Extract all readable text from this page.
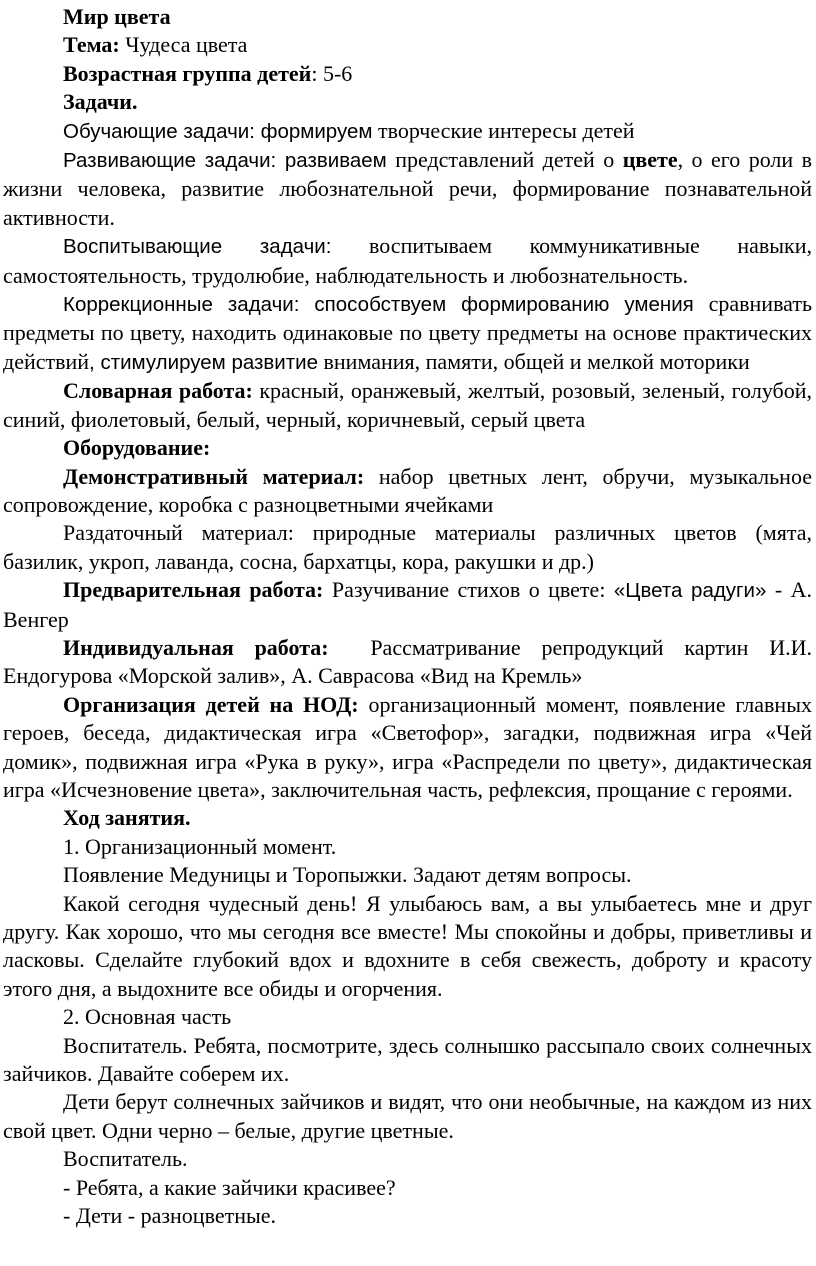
Мир цвета

Тема: Чудеса цвета

Возрастная группа детей: 5-6

Задачи.

Обучающие задачи: формируем творческие интересы детей

Развивающие задачи: развиваем представлений детей о цвете, о его роли в жизни человека, развитие любознательной речи, формирование познавательной активности.

Воспитывающие задачи: воспитываем коммуникативные навыки, самостоятельность, трудолюбие, наблюдательность и любознательность.

Коррекционные задачи: способствуем формированию умения сравнивать предметы по цвету, находить одинаковые по цвету предметы на основе практических действий, стимулируем развитие внимания, памяти, общей и мелкой моторики

Словарная работа: красный, оранжевый, желтый, розовый, зеленый, голубой, синий, фиолетовый, белый, черный, коричневый, серый цвета

Оборудование:

Демонстративный материал: набор цветных лент, обручи, музыкальное сопровождение, коробка с разноцветными ячейками

Раздаточный материал: природные материалы различных цветов (мята, базилик, укроп, лаванда, сосна, бархатцы, кора, ракушки и др.)

Предварительная работа: Разучивание стихов о цвете: «Цвета радуги» - А. Венгер

Индивидуальная работа: Рассматривание репродукций картин И.И. Ендогурова «Морской залив», А. Саврасова «Вид на Кремль»

Организация детей на НОД: организационный момент, появление главных героев, беседа, дидактическая игра «Светофор», загадки, подвижная игра «Чей домик», подвижная игра «Рука в руку», игра «Распредели по цвету», дидактическая игра «Исчезновение цвета», заключительная часть, рефлексия, прощание с героями.

Ход занятия.

1. Организационный момент.

Появление Медуницы и Торопыжки. Задают детям вопросы.

Какой сегодня чудесный день! Я улыбаюсь вам, а вы улыбаетесь мне и друг другу. Как хорошо, что мы сегодня все вместе! Мы спокойны и добры, приветливы и ласковы. Сделайте глубокий вдох и вдохните в себя свежесть, доброту и красоту этого дня, а выдохните все обиды и огорчения.

2. Основная часть

Воспитатель. Ребята, посмотрите, здесь солнышко рассыпало своих солнечных зайчиков. Давайте соберем их.

Дети берут солнечных зайчиков и видят, что они необычные, на каждом из них свой цвет. Одни черно – белые, другие цветные.

Воспитатель.

- Ребята, а какие зайчики красивее?

- Дети - разноцветные.
